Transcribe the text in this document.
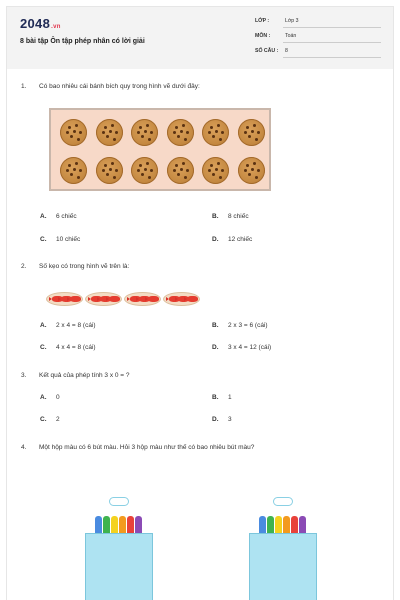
2048.vn
8 bài tập Ôn tập phép nhân có lời giải
LỚP :	Lớp 3
MÔN :	Toán
SỐ CÂU : 8
1. Có bao nhiêu cái bánh bích quy trong hình vẽ dưới đây:
A. 6 chiếc	B. 8 chiếc
C. 10 chiếc	D. 12 chiếc
2. Số kẹo có trong hình vẽ trên là:
A. 2 x 4 = 8 (cái)	B. 2 x 3 = 6 (cái)
C. 4 x 4 = 8 (cái)	D. 3 x 4 = 12 (cái)
3. Kết quả của phép tính 3 x 0 = ?
A. 0	B. 1
C. 2	D. 3
4. Một hộp màu có 6 bút màu. Hỏi 3 hộp màu như thế có bao nhiêu bút màu?
